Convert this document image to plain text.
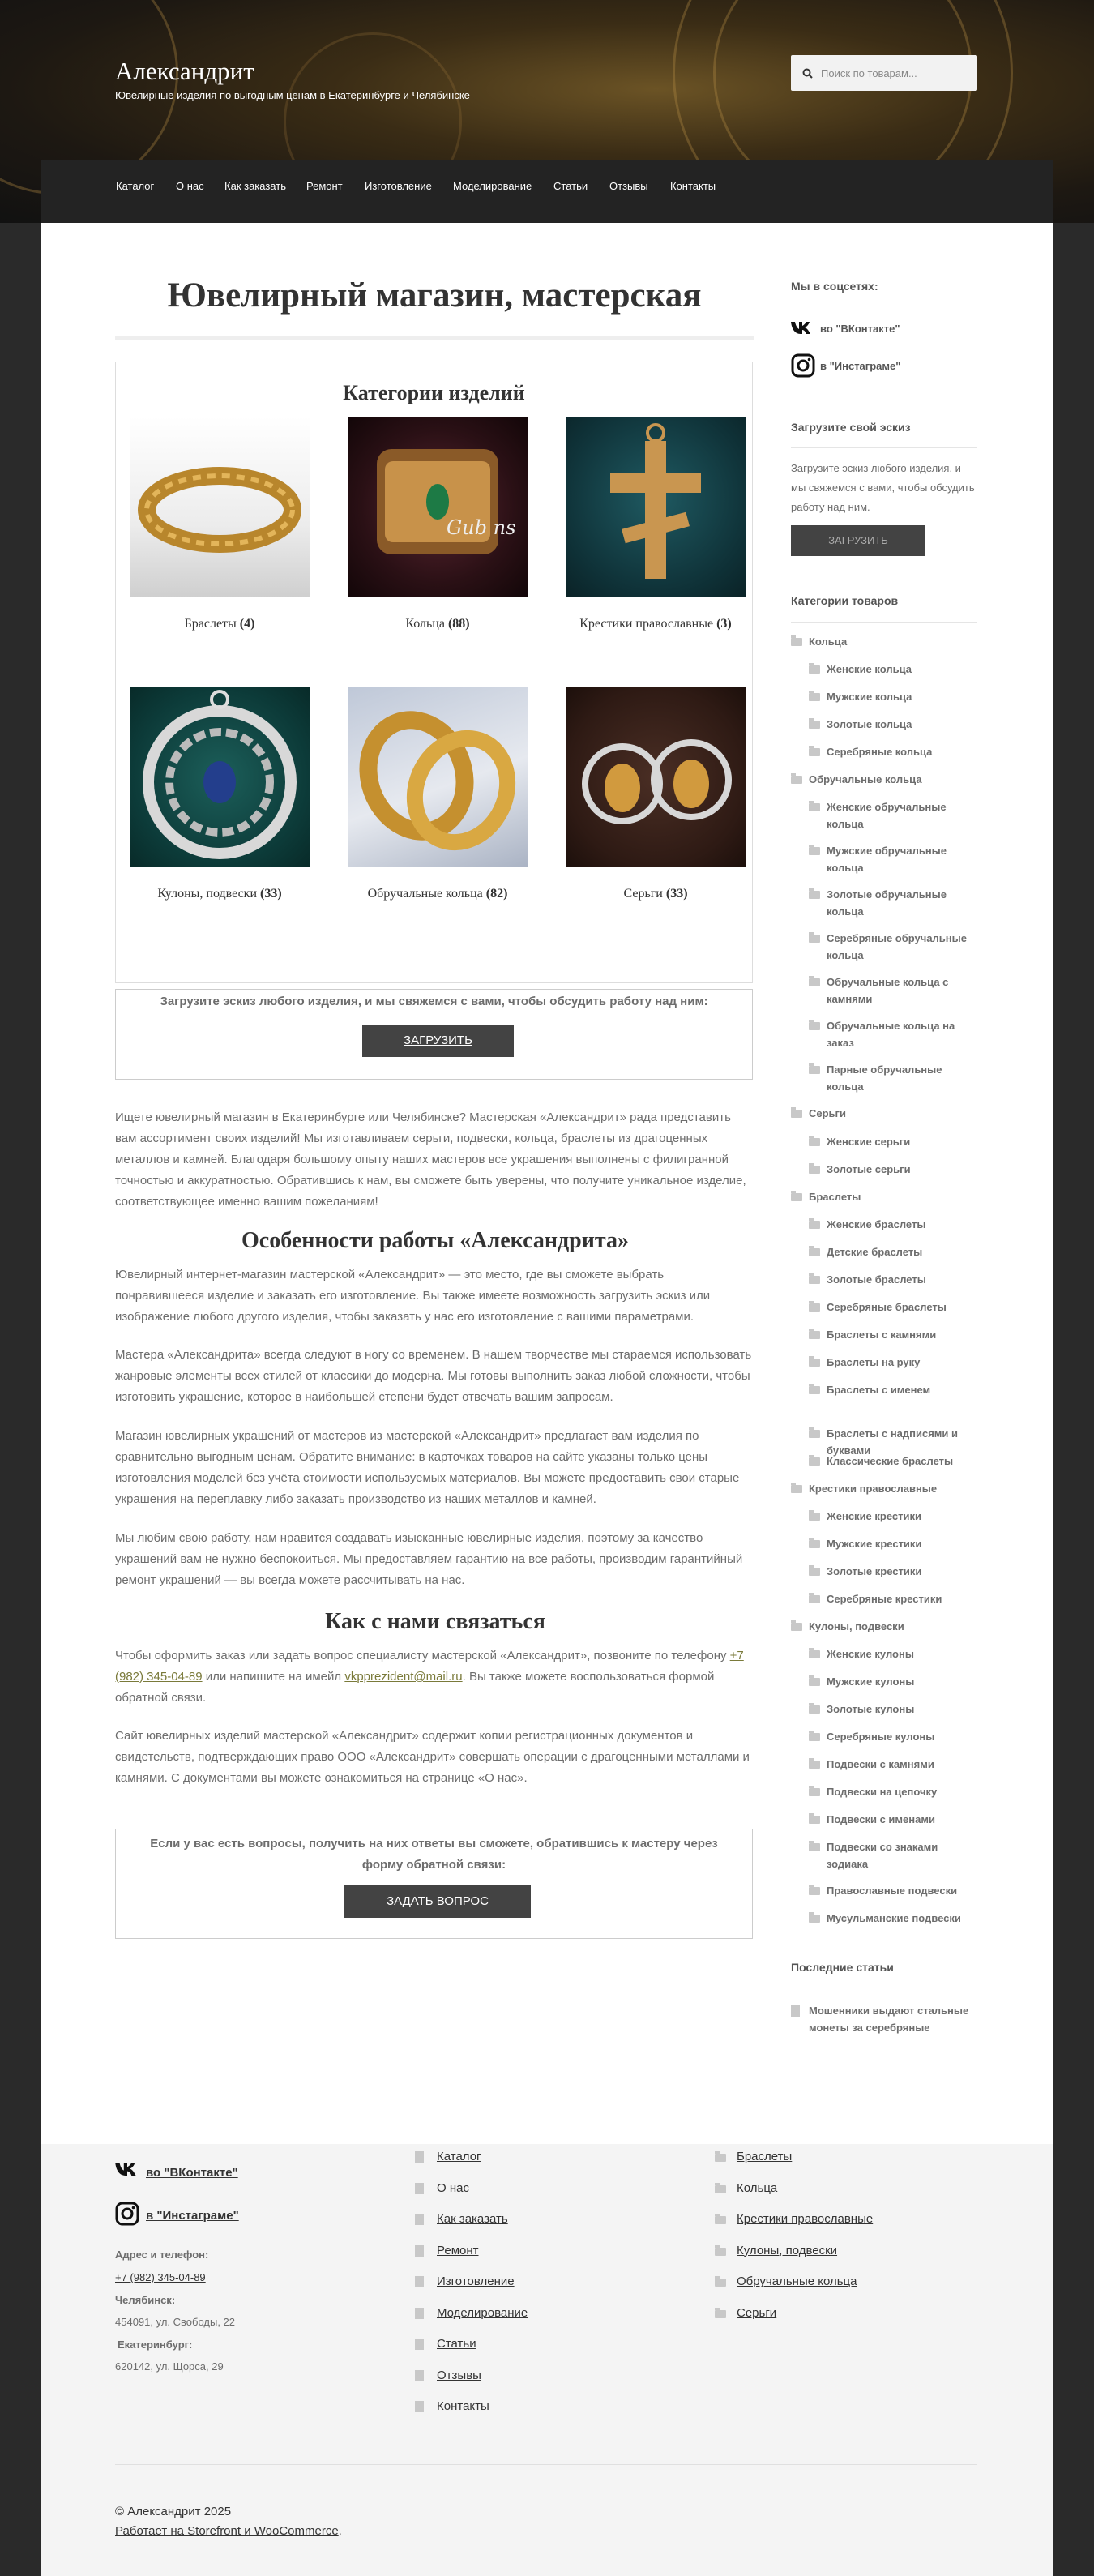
Александрит
Ювелирные изделия по выгодным ценам в Екатеринбурге и Челябинске
Поиск по товарам...
Каталог О нас Как заказать Ремонт Изготовление Моделирование Статьи Отзывы Контакты
Ювелирный магазин, мастерская
Категории изделий
Gub ns
Браслеты (4)	Кольца (88)	Крестики православные (3)
Кулоны, подвески (33)	Обручальные кольца (82)	Серьги (33)
Загрузите эскиз любого изделия, и мы свяжемся с вами, чтобы обсудить работу над ним:
ЗАГРУЗИТЬ

Ищете ювелирный магазин в Екатеринбурге или Челябинске? Мастерская «Александрит» рада представить вам ассортимент своих изделий! Мы изготавливаем серьги, подвески, кольца, браслеты из драгоценных металлов и камней. Благодаря большому опыту наших мастеров все украшения выполнены с филигранной точностью и аккуратностью. Обратившись к нам, вы сможете быть уверены, что получите уникальное изделие, соответствующее именно вашим пожеланиям!

Особенности работы «Александрита»

Ювелирный интернет-магазин мастерской «Александрит» — это место, где вы сможете выбрать понравившееся изделие и заказать его изготовление. Вы также имеете возможность загрузить эскиз или изображение любого другого изделия, чтобы заказать у нас его изготовление с вашими параметрами.

Мастера «Александрита» всегда следуют в ногу со временем. В нашем творчестве мы стараемся использовать жанровые элементы всех стилей от классики до модерна. Мы готовы выполнить заказ любой сложности, чтобы изготовить украшение, которое в наибольшей степени будет отвечать вашим запросам.

Магазин ювелирных украшений от мастеров из мастерской «Александрит» предлагает вам изделия по сравнительно выгодным ценам. Обратите внимание: в карточках товаров на сайте указаны только цены изготовления моделей без учёта стоимости используемых материалов. Вы можете предоставить свои старые украшения на переплавку либо заказать производство из наших металлов и камней.

Мы любим свою работу, нам нравится создавать изысканные ювелирные изделия, поэтому за качество украшений вам не нужно беспокоиться. Мы предоставляем гарантию на все работы, производим гарантийный ремонт украшений — вы всегда можете рассчитывать на нас.

Как с нами связаться

Чтобы оформить заказ или задать вопрос специалисту мастерской «Александрит», позвоните по телефону +7 (982) 345-04-89 или напишите на имейл vkpprezident@mail.ru. Вы также можете воспользоваться формой обратной связи.

Сайт ювелирных изделий мастерской «Александрит» содержит копии регистрационных документов и свидетельств, подтверждающих право ООО «Александрит» совершать операции с драгоценными металлами и камнями. С документами вы можете ознакомиться на странице «О нас».

Если у вас есть вопросы, получить на них ответы вы сможете, обратившись к мастеру через форму обратной связи:
ЗАДАТЬ ВОПРОС
Мы в соцсетях:
во "ВКонтакте"
в "Инстаграме"
Загрузите свой эскиз
Загрузите эскиз любого изделия, и мы свяжемся с вами, чтобы обсудить работу над ним.
ЗАГРУЗИТЬ
Категории товаров
Кольца
Женские кольца
Мужские кольца
Золотые кольца
Серебряные кольца
Обручальные кольца
Женские обручальные кольца
Мужские обручальные кольца
Золотые обручальные кольца
Серебряные обручальные кольца
Обручальные кольца с камнями
Обручальные кольца на заказ
Парные обручальные кольца
Серьги
Женские серьги
Золотые серьги
Браслеты
Женские браслеты
Детские браслеты
Золотые браслеты
Серебряные браслеты
Браслеты с камнями
Браслеты на руку
Браслеты с именем
Браслеты с надписями и буквами
Классические браслеты
Крестики православные
Женские крестики
Мужские крестики
Золотые крестики
Серебряные крестики
Кулоны, подвески
Женские кулоны
Мужские кулоны
Золотые кулоны
Серебряные кулоны
Подвески с камнями
Подвески на цепочку
Подвески с именами
Подвески со знаками зодиака
Православные подвески
Мусульманские подвески
Последние статьи
Мошенники выдают стальные монеты за серебряные
во "ВКонтакте"
в "Инстаграме"
Адрес и телефон:
+7 (982) 345-04-89
Челябинск:
454091, ул. Свободы, 22
Екатеринбург:
620142, ул. Щорса, 29
Каталог
О нас
Как заказать
Ремонт
Изготовление
Моделирование
Статьи
Отзывы
Контакты
Браслеты
Кольца
Крестики православные
Кулоны, подвески
Обручальные кольца
Серьги
© Александрит 2025
Работает на Storefront и WooCommerce.
